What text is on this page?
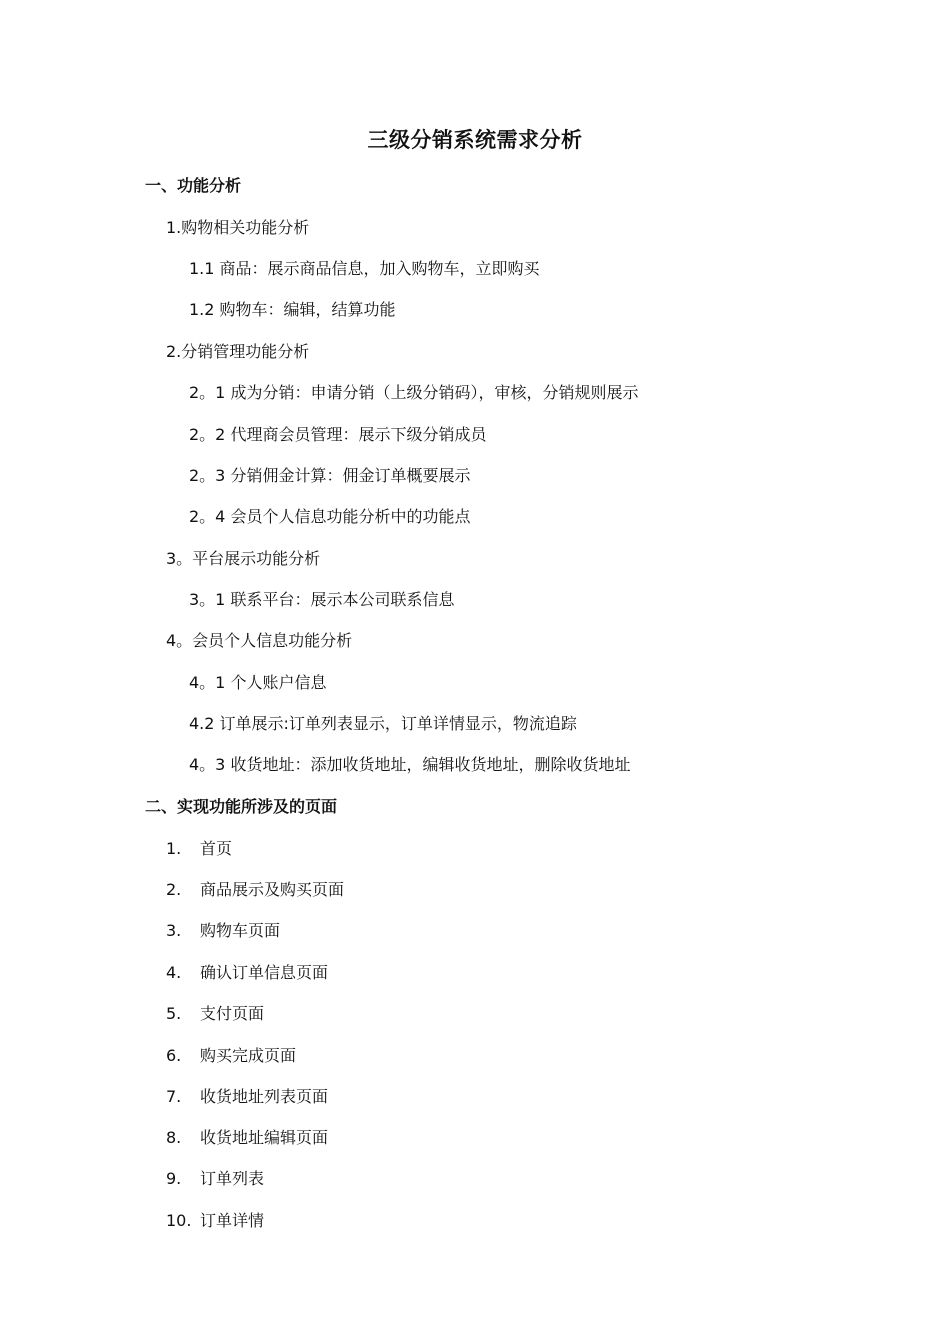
三级分销系统需求分析
一、功能分析
1.购物相关功能分析
1.1 商品：展示商品信息，加入购物车，立即购买
1.2 购物车：编辑，结算功能
2.分销管理功能分析
2。1 成为分销：申请分销（上级分销码），审核，分销规则展示
2。2 代理商会员管理：展示下级分销成员
2。3 分销佣金计算：佣金订单概要展示
2。4 会员个人信息功能分析中的功能点
3。平台展示功能分析
3。1 联系平台：展示本公司联系信息
4。会员个人信息功能分析
4。1 个人账户信息
4.2 订单展示:订单列表显示，订单详情显示，物流追踪
4。3 收货地址：添加收货地址，编辑收货地址，删除收货地址
二、实现功能所涉及的页面
1. 首页
2. 商品展示及购买页面
3. 购物车页面
4. 确认订单信息页面
5. 支付页面
6. 购买完成页面
7. 收货地址列表页面
8. 收货地址编辑页面
9. 订单列表
10. 订单详情
